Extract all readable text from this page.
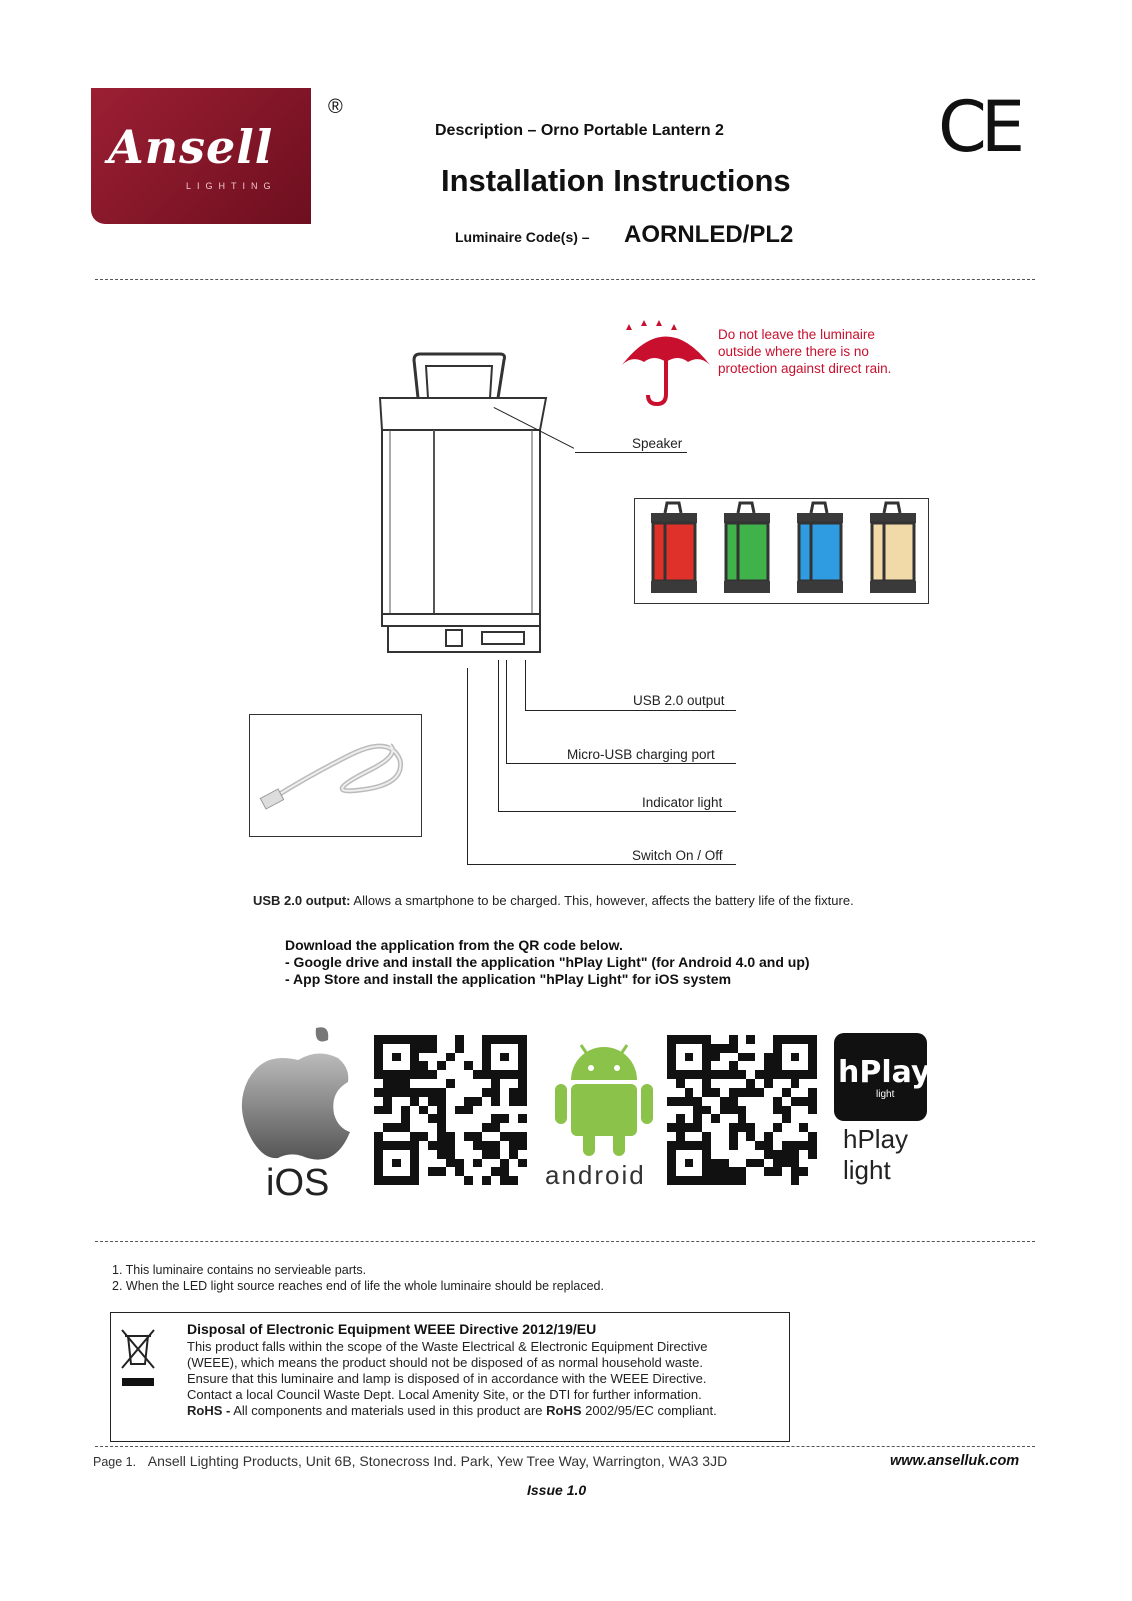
Ansell
LIGHTING
®
Description – Orno Portable Lantern 2
Installation Instructions
Luminaire Code(s) – AORNLED/PL2
CE
Speaker
USB 2.0 output
Micro-USB charging port
Indicator light
Switch On / Off
Do not leave the luminaire
outside where there is no
protection against direct rain.
USB 2.0 output: Allows a smartphone to be charged. This, however, affects the battery life of the fixture.
Download the application from the QR code below.
- Google drive and install the application "hPlay Light" (for Android 4.0 and up)
- App Store and install the application "hPlay Light" for iOS system
iOS	android
hPlay
light
hPlay
light
1. This luminaire contains no servieable parts.
2. When the LED light source reaches end of life the whole luminaire should be replaced.
Disposal of Electronic Equipment WEEE Directive 2012/19/EU
This product falls within the scope of the Waste Electrical & Electronic Equipment Directive
(WEEE), which means the product should not be disposed of as normal household waste.
Ensure that this luminaire and lamp is disposed of in accordance with the WEEE Directive.
Contact a local Council Waste Dept. Local Amenity Site, or the DTI for further information.
RoHS - All components and materials used in this product are RoHS 2002/95/EC compliant.
Page 1. Ansell Lighting Products, Unit 6B, Stonecross Ind. Park, Yew Tree Way, Warrington, WA3 3JD	www.anselluk.com
Issue 1.0
